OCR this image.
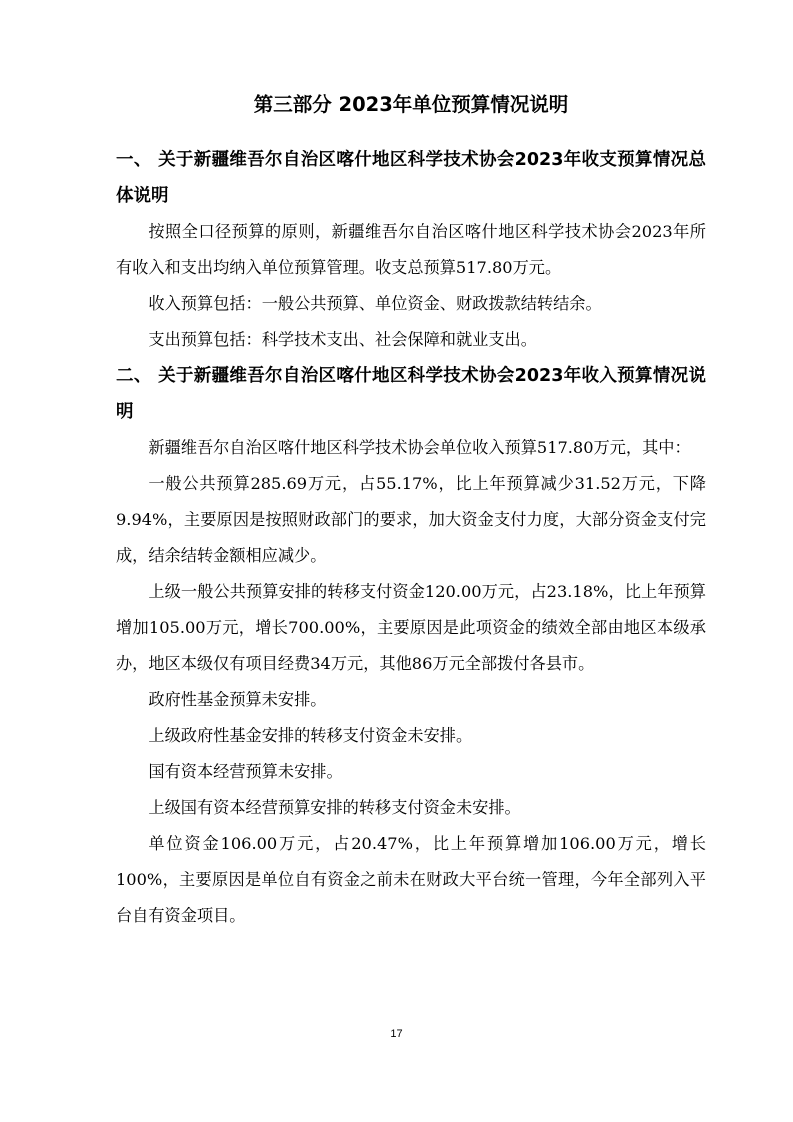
第三部分 2023年单位预算情况说明
一、 关于新疆维吾尔自治区喀什地区科学技术协会2023年收支预算情况总体说明

按照全口径预算的原则，新疆维吾尔自治区喀什地区科学技术协会2023年所有收入和支出均纳入单位预算管理。收支总预算517.80万元。

收入预算包括：一般公共预算、单位资金、财政拨款结转结余。

支出预算包括：科学技术支出、社会保障和就业支出。

二、 关于新疆维吾尔自治区喀什地区科学技术协会2023年收入预算情况说明

新疆维吾尔自治区喀什地区科学技术协会单位收入预算517.80万元，其中：

一般公共预算285.69万元，占55.17%，比上年预算减少31.52万元，下降9.94%，主要原因是按照财政部门的要求，加大资金支付力度，大部分资金支付完成，结余结转金额相应减少。

上级一般公共预算安排的转移支付资金120.00万元，占23.18%，比上年预算增加105.00万元，增长700.00%，主要原因是此项资金的绩效全部由地区本级承办，地区本级仅有项目经费34万元，其他86万元全部拨付各县市。

政府性基金预算未安排。

上级政府性基金安排的转移支付资金未安排。

国有资本经营预算未安排。

上级国有资本经营预算安排的转移支付资金未安排。

单位资金106.00万元，占20.47%，比上年预算增加106.00万元，增长100%，主要原因是单位自有资金之前未在财政大平台统一管理，今年全部列入平台自有资金项目。

17
